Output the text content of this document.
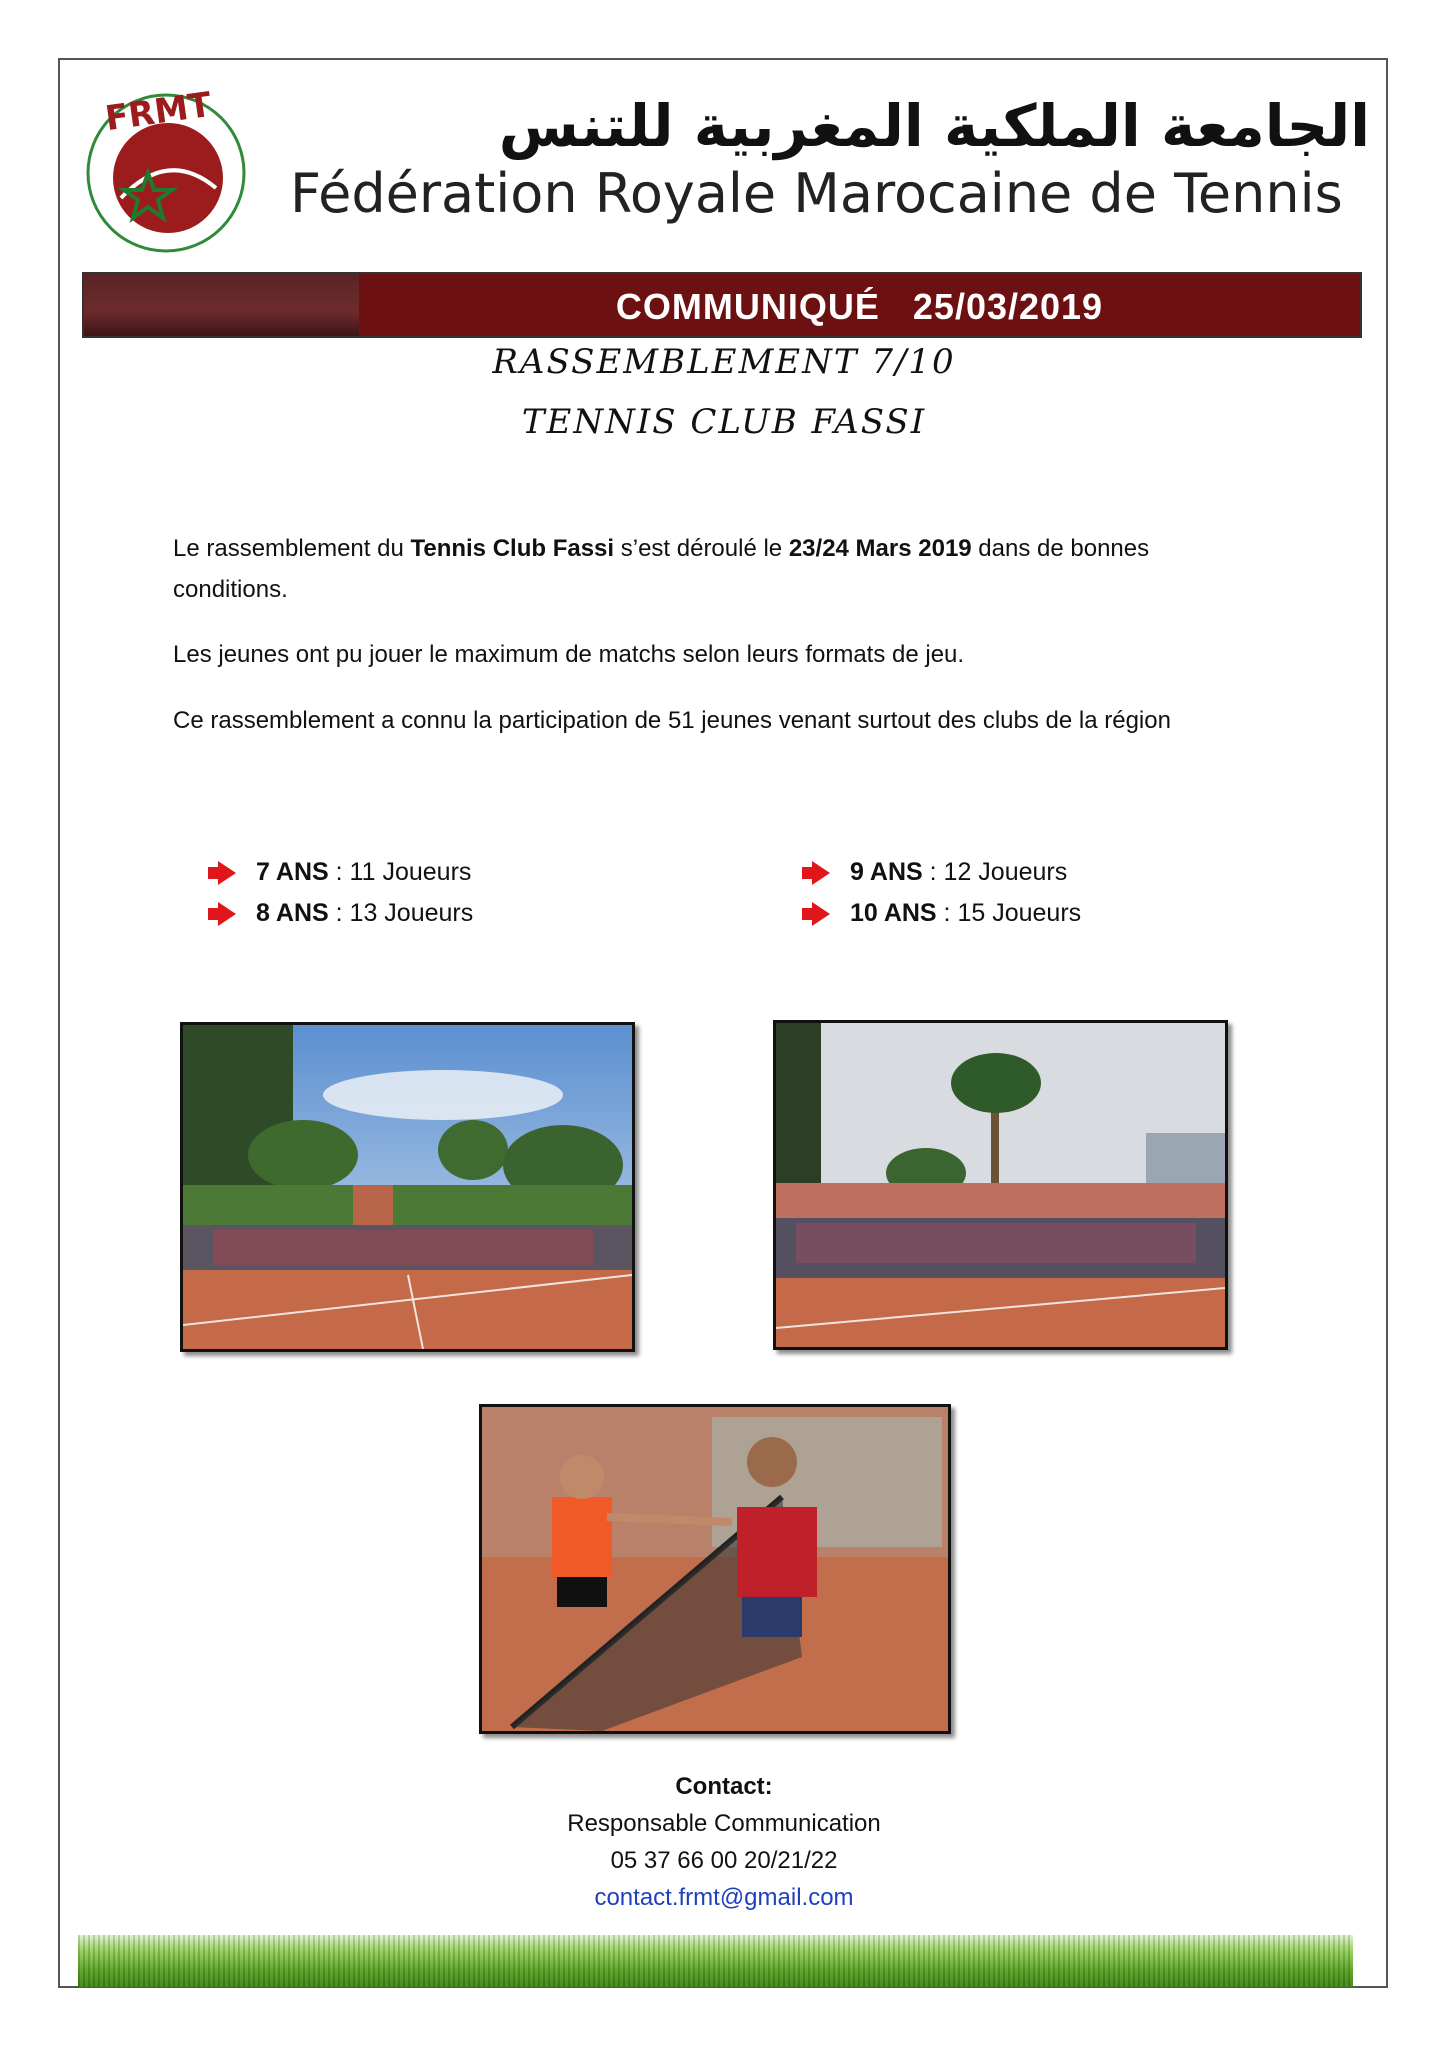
FRMT	الجامعة الملكية المغربية للتنس
Fédération Royale Marocaine de Tennis
COMMUNIQUÉ   25/03/2019
RASSEMBLEMENT 7/10
TENNIS CLUB FASSI
Le rassemblement du Tennis Club Fassi s’est déroulé le 23/24 Mars 2019 dans de bonnes conditions.
Les jeunes ont pu jouer le maximum de matchs selon leurs formats de jeu.
Ce rassemblement a connu la participation de 51 jeunes venant surtout des clubs de la région
7 ANS : 11 Joueurs
8 ANS : 13 Joueurs
9 ANS : 12 Joueurs
10 ANS : 15 Joueurs
Contact:
Responsable Communication
05 37 66 00 20/21/22
contact.frmt@gmail.com
